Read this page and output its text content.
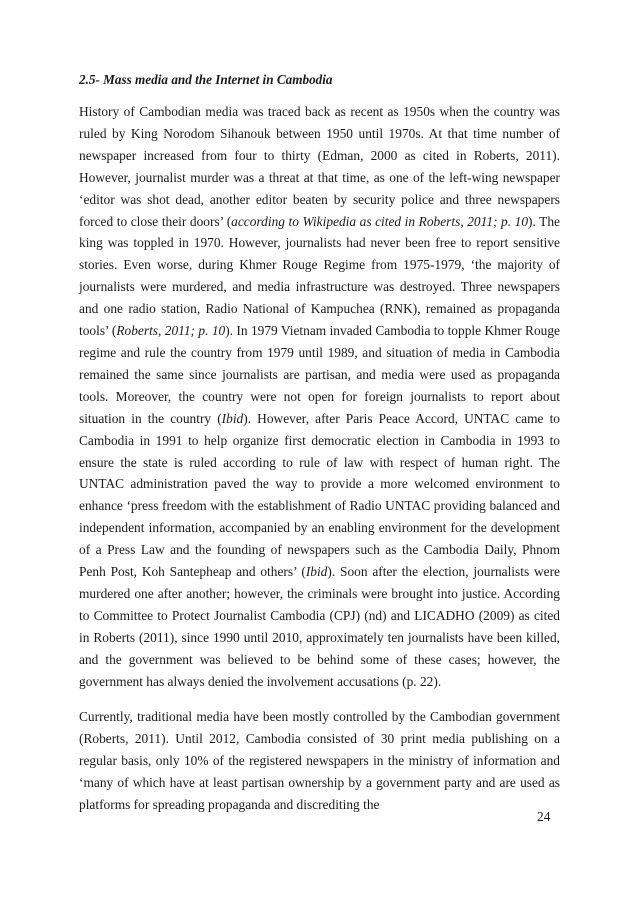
2.5- Mass media and the Internet in Cambodia

History of Cambodian media was traced back as recent as 1950s when the country was ruled by King Norodom Sihanouk between 1950 until 1970s. At that time number of newspaper increased from four to thirty (Edman, 2000 as cited in Roberts, 2011). However, journalist murder was a threat at that time, as one of the left-wing newspaper ‘editor was shot dead, another editor beaten by security police and three newspapers forced to close their doors’ (according to Wikipedia as cited in Roberts, 2011; p. 10). The king was toppled in 1970. However, journalists had never been free to report sensitive stories. Even worse, during Khmer Rouge Regime from 1975-1979, ‘the majority of journalists were murdered, and media infrastructure was destroyed. Three newspapers and one radio station, Radio National of Kampuchea (RNK), remained as propaganda tools’ (Roberts, 2011; p. 10). In 1979 Vietnam invaded Cambodia to topple Khmer Rouge regime and rule the country from 1979 until 1989, and situation of media in Cambodia remained the same since journalists are partisan, and media were used as propaganda tools. Moreover, the country were not open for foreign journalists to report about situation in the country (Ibid). However, after Paris Peace Accord, UNTAC came to Cambodia in 1991 to help organize first democratic election in Cambodia in 1993 to ensure the state is ruled according to rule of law with respect of human right. The UNTAC administration paved the way to provide a more welcomed environment to enhance ‘press freedom with the establishment of Radio UNTAC providing balanced and independent information, accompanied by an enabling environment for the development of a Press Law and the founding of newspapers such as the Cambodia Daily, Phnom Penh Post, Koh Santepheap and others’ (Ibid). Soon after the election, journalists were murdered one after another; however, the criminals were brought into justice. According to Committee to Protect Journalist Cambodia (CPJ) (nd) and LICADHO (2009) as cited in Roberts (2011), since 1990 until 2010, approximately ten journalists have been killed, and the government was believed to be behind some of these cases; however, the government has always denied the involvement accusations (p. 22).

Currently, traditional media have been mostly controlled by the Cambodian government (Roberts, 2011). Until 2012, Cambodia consisted of 30 print media publishing on a regular basis, only 10% of the registered newspapers in the ministry of information and ‘many of which have at least partisan ownership by a government party and are used as platforms for spreading propaganda and discrediting the

24
